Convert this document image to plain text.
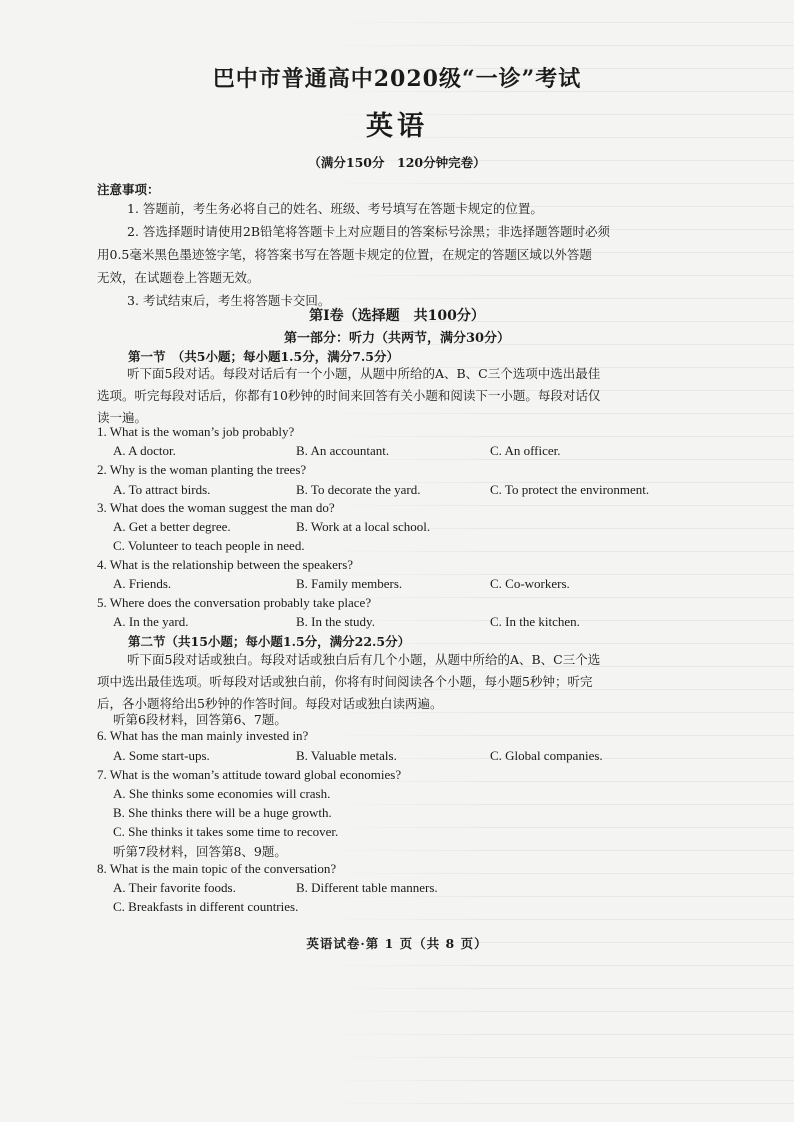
巴中市普通高中2020级“一诊”考试
英语
（满分150分　120分钟完卷）
注意事项：
1. 答题前，考生务必将自己的姓名、班级、考号填写在答题卡规定的位置。
2. 答选择题时请使用2B铅笔将答题卡上对应题目的答案标号涂黑；非选择题答题时必须
用0.5毫米黑色墨迹签字笔，将答案书写在答题卡规定的位置，在规定的答题区域以外答题
无效，在试题卷上答题无效。
3. 考试结束后，考生将答题卡交回。
第Ⅰ卷（选择题　共100分）
第一部分：听力（共两节，满分30分）
第一节　（共5小题；每小题1.5分，满分7.5分）
听下面5段对话。每段对话后有一个小题，从题中所给的A、B、C三个选项中选出最佳
选项。听完每段对话后，你都有10秒钟的时间来回答有关小题和阅读下一小题。每段对话仅
读一遍。
1. What is the woman’s job probably?
A. A doctor.	B. An accountant.	C. An officer.
2. Why is the woman planting the trees?
A. To attract birds.	B. To decorate the yard.	C. To protect the environment.
3. What does the woman suggest the man do?
A. Get a better degree.	B. Work at a local school.
C. Volunteer to teach people in need.
4. What is the relationship between the speakers?
A. Friends.	B. Family members.	C. Co-workers.
5. Where does the conversation probably take place?
A. In the yard.	B. In the study.	C. In the kitchen.
第二节（共15小题；每小题1.5分，满分22.5分）
听下面5段对话或独白。每段对话或独白后有几个小题，从题中所给的A、B、C三个选
项中选出最佳选项。听每段对话或独白前，你将有时间阅读各个小题，每小题5秒钟；听完
后，各小题将给出5秒钟的作答时间。每段对话或独白读两遍。
听第6段材料，回答第6、7题。
6. What has the man mainly invested in?
A. Some start-ups.	B. Valuable metals.	C. Global companies.
7. What is the woman’s attitude toward global economies?
A. She thinks some economies will crash.
B. She thinks there will be a huge growth.
C. She thinks it takes some time to recover.
听第7段材料，回答第8、9题。
8. What is the main topic of the conversation?
A. Their favorite foods.	B. Different table manners.
C. Breakfasts in different countries.
英语试卷·第 1 页（共 8 页）
